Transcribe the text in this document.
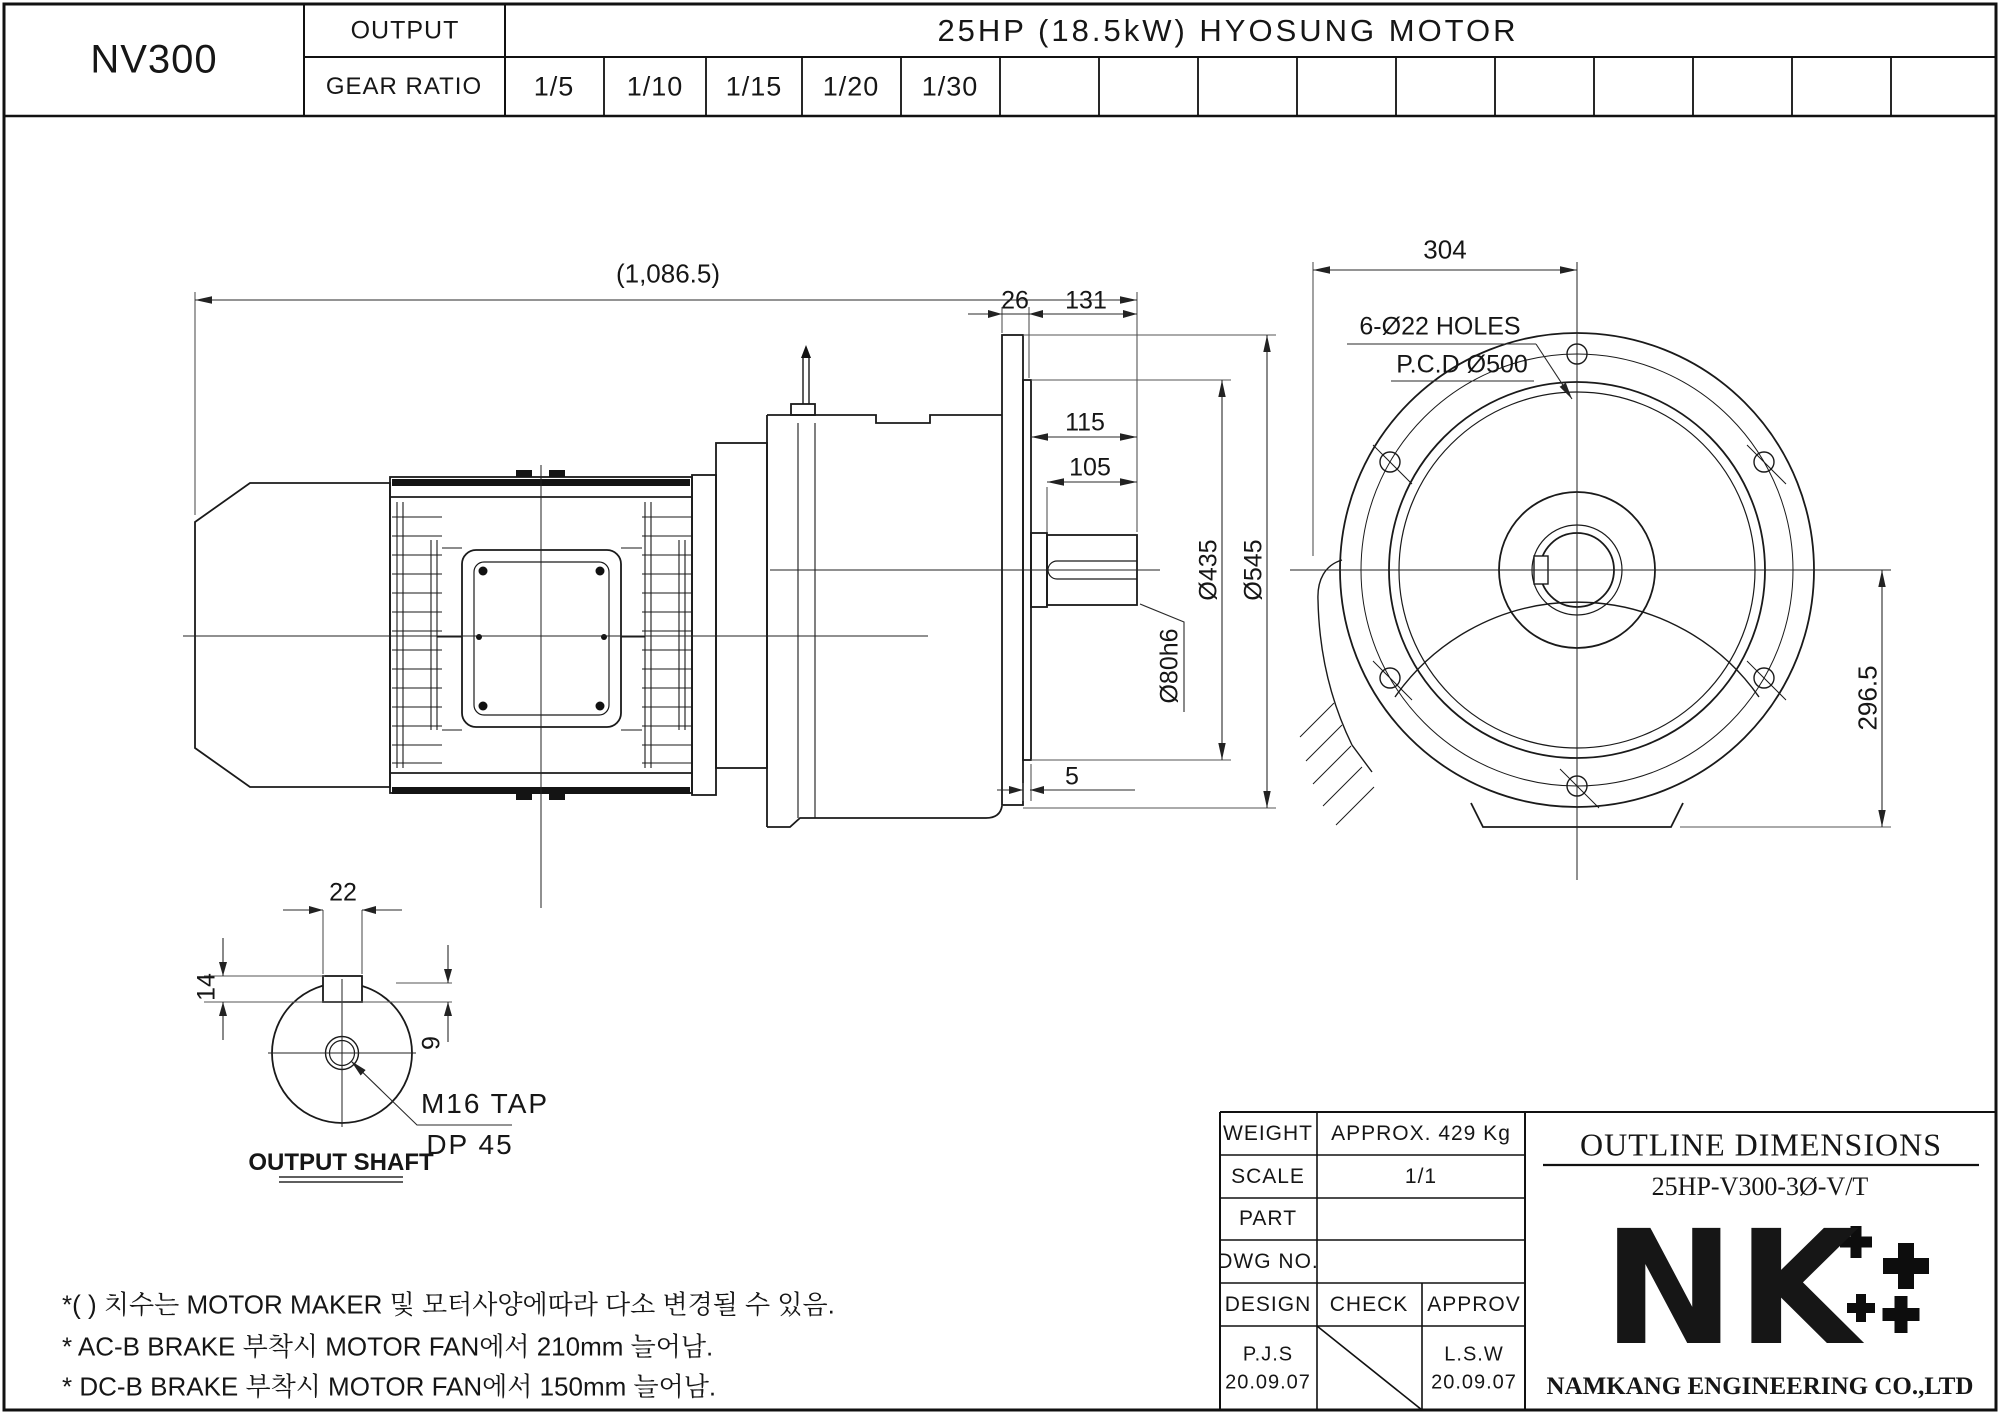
NV300
OUTPUT
GEAR RATIO
25HP (18.5kW) HYOSUNG MOTOR
1/5 1/10 1/15 1/20 1/30
(1,086.5)
26 131
115
105
Ø435 Ø545
Ø80h6
5
304
6-Ø22 HOLES
P.C.D Ø500
296.5
22
14
9
M16 TAP
DP 45
OUTPUT SHAFT
*( ) 치수는 MOTOR MAKER 및 모터사양에따라 다소 변경될 수 있음.
* AC-B BRAKE 부착시 MOTOR FAN에서 210mm 늘어남.
* DC-B BRAKE 부착시 MOTOR FAN에서 150mm 늘어남.
WEIGHT APPROX. 429 Kg
SCALE	1/1
PART
DWG NO.
DESIGN CHECK APPROV
P.J.S
20.09.07
L.S.W
20.09.07
OUTLINE DIMENSIONS
25HP-V300-3Ø-V/T
NK
NAMKANG ENGINEERING CO.,LTD
